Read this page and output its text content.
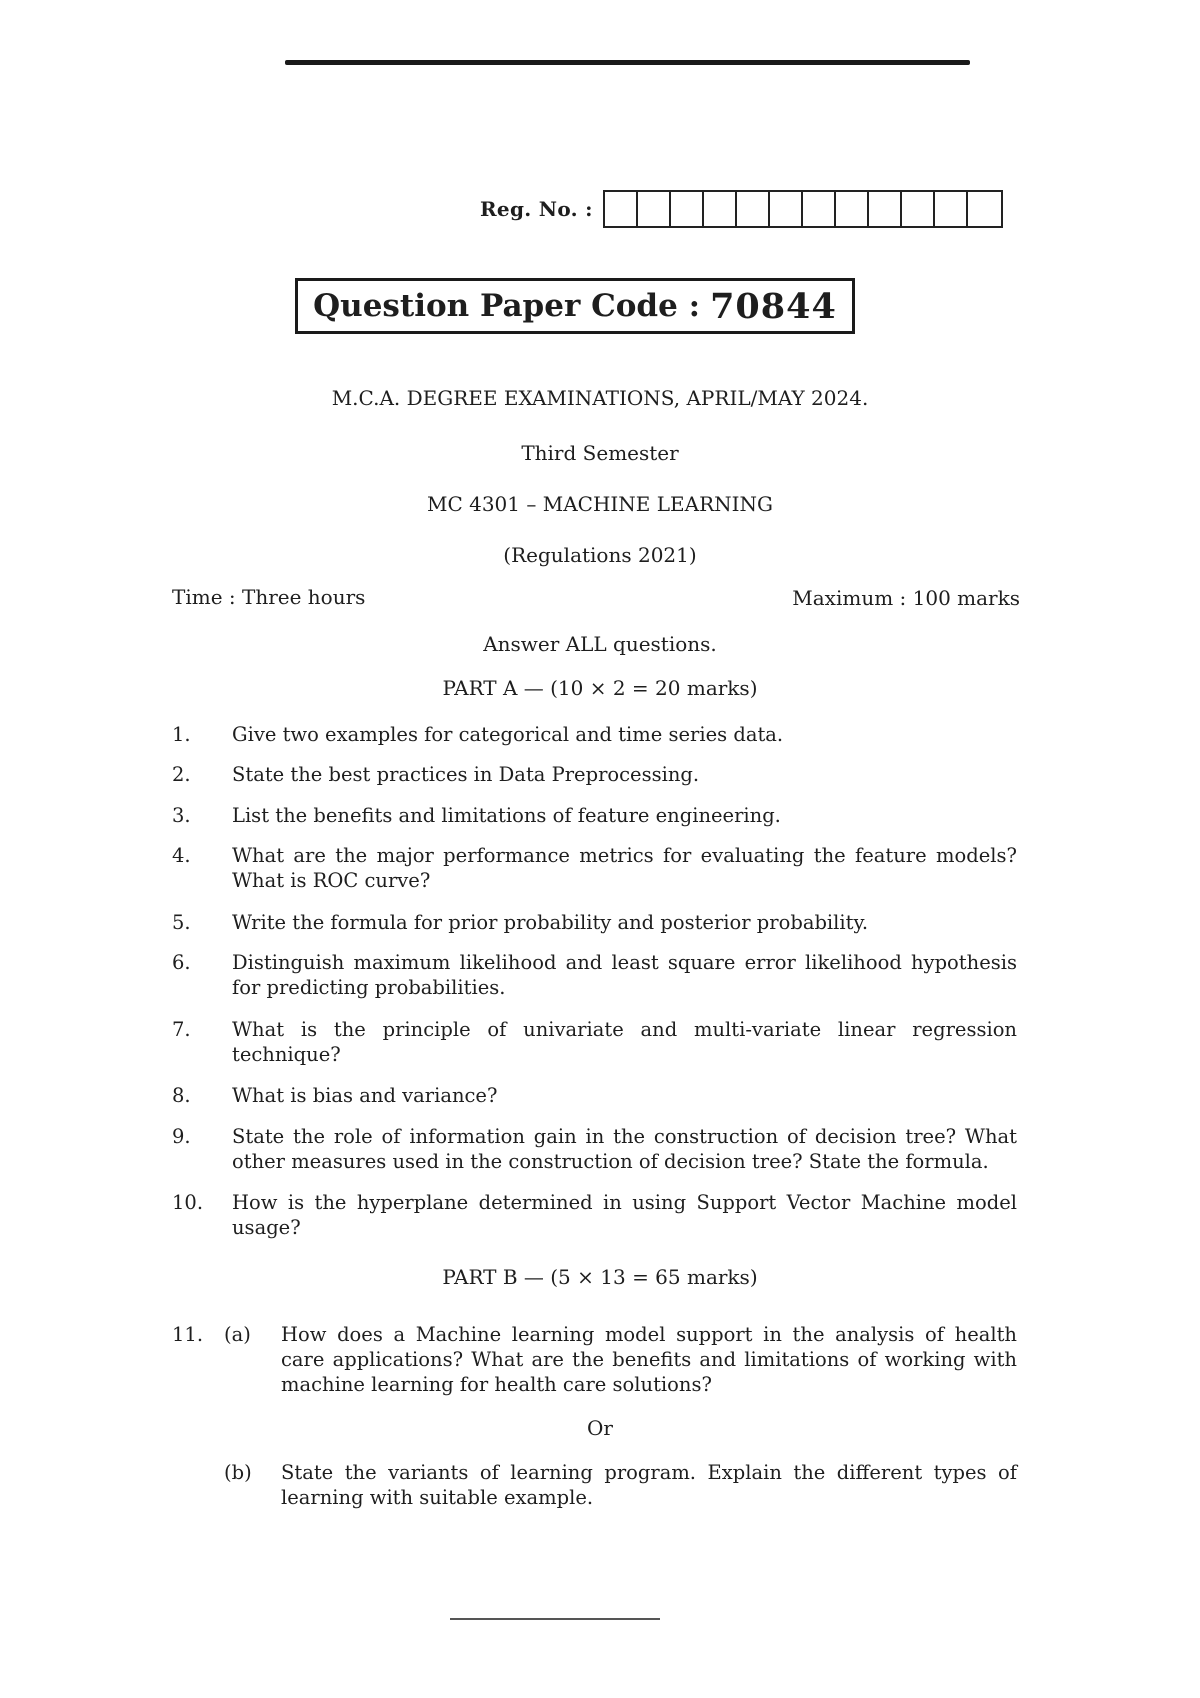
Reg. No. :
Question Paper Code : 70844
M.C.A. DEGREE EXAMINATIONS, APRIL/MAY 2024.
Third Semester
MC 4301 – MACHINE LEARNING
(Regulations 2021)
Time : Three hours	Maximum : 100 marks
Answer ALL questions.
PART A — (10 × 2 = 20 marks)
1.	Give two examples for categorical and time series data.
2.	State the best practices in Data Preprocessing.
3.	List the benefits and limitations of feature engineering.
4.	What are the major performance metrics for evaluating the feature models? What is ROC curve?
5.	Write the formula for prior probability and posterior probability.
6.	Distinguish maximum likelihood and least square error likelihood hypothesis for predicting probabilities.
7.	What is the principle of univariate and multi-variate linear regression technique?
8.	What is bias and variance?
9.	State the role of information gain in the construction of decision tree? What other measures used in the construction of decision tree? State the formula.
10.	How is the hyperplane determined in using Support Vector Machine model usage?
PART B — (5 × 13 = 65 marks)
11.	(a)	How does a Machine learning model support in the analysis of health care applications? What are the benefits and limitations of working with machine learning for health care solutions?
Or
(b)	State the variants of learning program. Explain the different types of learning with suitable example.
